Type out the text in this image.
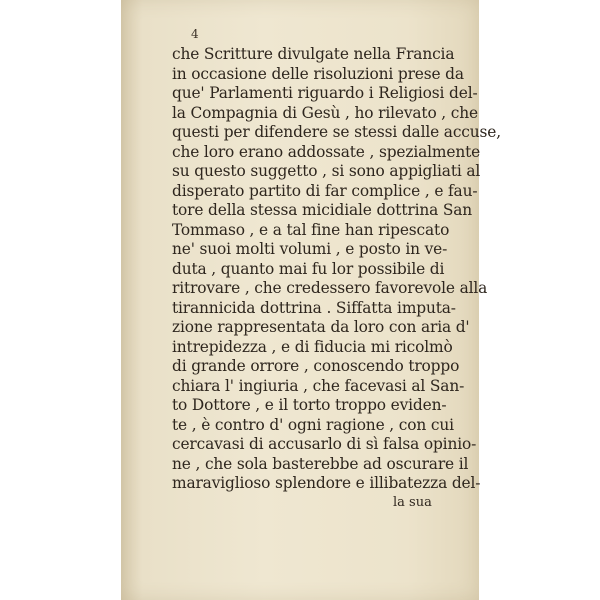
4
che Scritture divulgate nella Francia
in occasione delle risoluzioni prese da
que' Parlamenti riguardo i Religiosi del-
la Compagnia di Gesù , ho rilevato , che
questi per difendere se stessi dalle accuse,
che loro erano addossate , spezialmente
su questo suggetto , si sono appigliati al
disperato partito di far complice , e fau-
tore della stessa micidiale dottrina San
Tommaso , e a tal fine han ripescato
ne' suoi molti volumi , e posto in ve-
duta , quanto mai fu lor possibile di
ritrovare , che credessero favorevole alla
tirannicida dottrina . Siffatta imputa-
zione rappresentata da loro con aria d'
intrepidezza , e di fiducia mi ricolmò
di grande orrore , conoscendo troppo
chiara l' ingiuria , che facevasi al San-
to Dottore , e il torto troppo eviden-
te , è contro d' ogni ragione , con cui
cercavasi di accusarlo di sì falsa opinio-
ne , che sola basterebbe ad oscurare il
maraviglioso splendore e illibatezza del-
la sua
